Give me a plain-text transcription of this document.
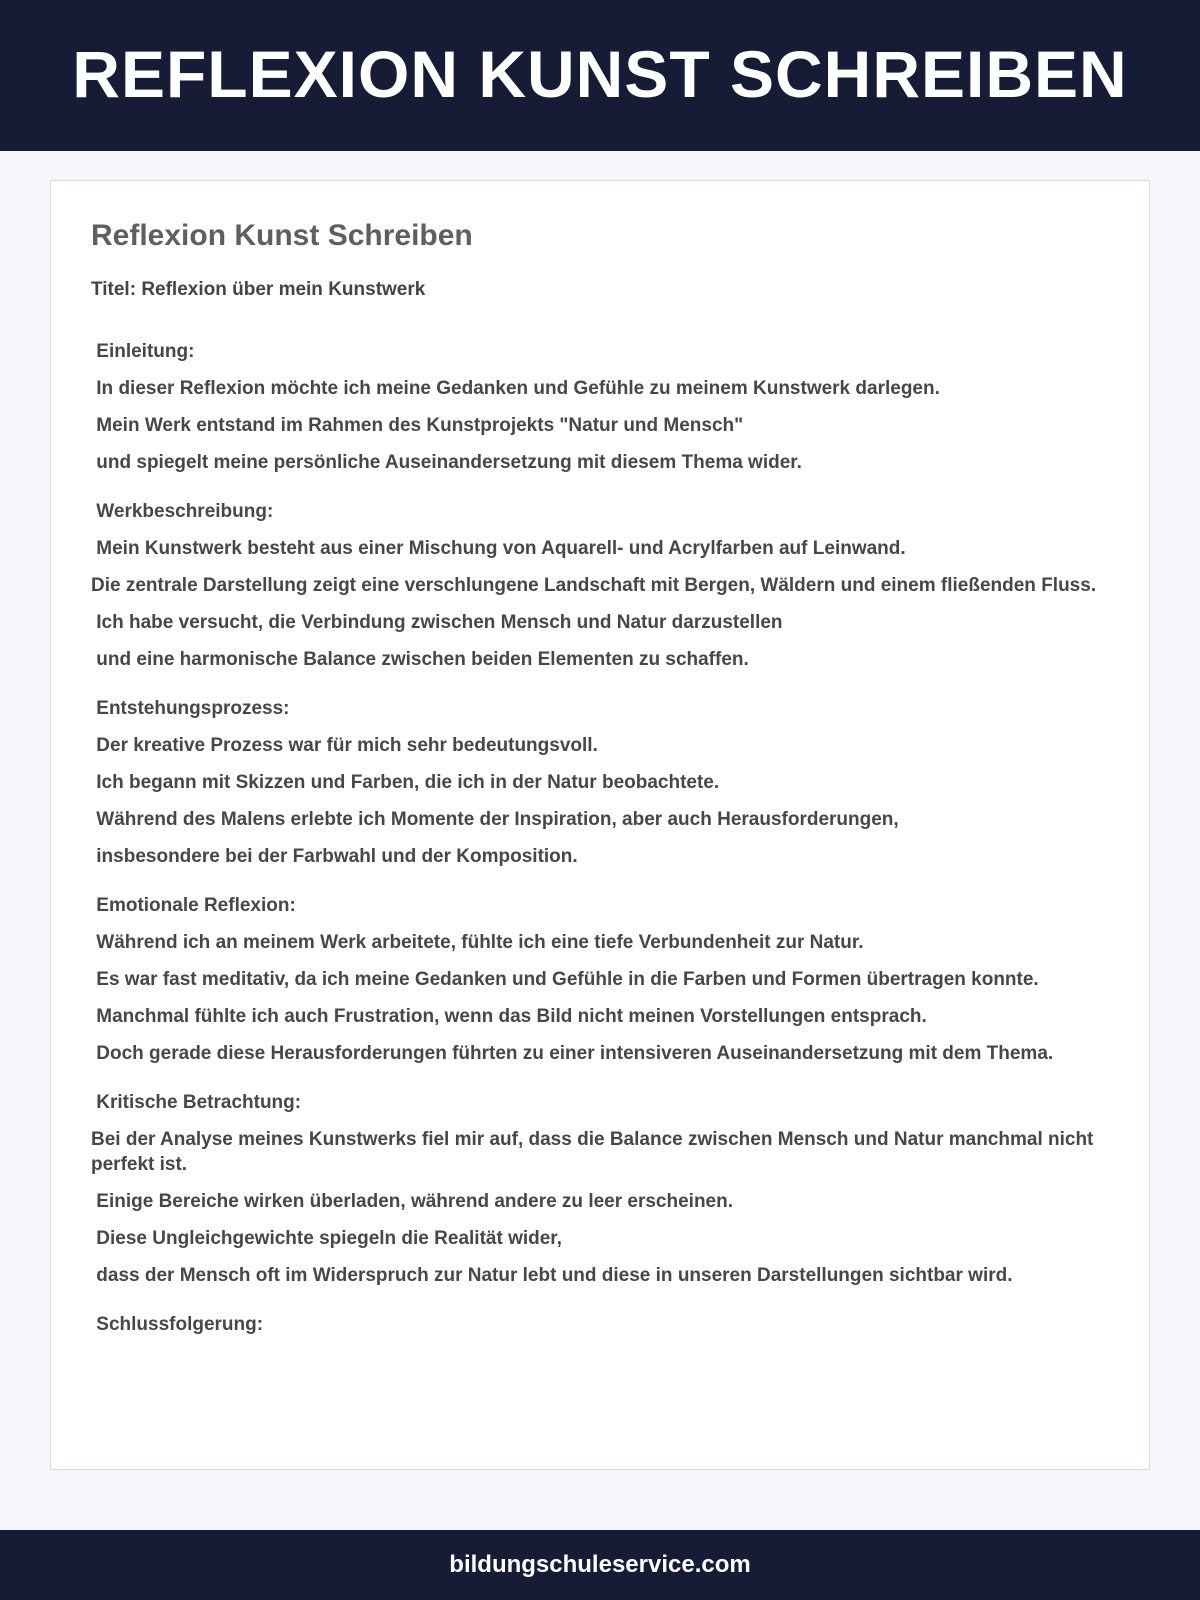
REFLEXION KUNST SCHREIBEN
Reflexion Kunst Schreiben
Titel: Reflexion über mein Kunstwerk
Einleitung:
In dieser Reflexion möchte ich meine Gedanken und Gefühle zu meinem Kunstwerk darlegen.
Mein Werk entstand im Rahmen des Kunstprojekts "Natur und Mensch"
und spiegelt meine persönliche Auseinandersetzung mit diesem Thema wider.
Werkbeschreibung:
Mein Kunstwerk besteht aus einer Mischung von Aquarell- und Acrylfarben auf Leinwand.
Die zentrale Darstellung zeigt eine verschlungene Landschaft mit Bergen, Wäldern und einem fließenden Fluss.
Ich habe versucht, die Verbindung zwischen Mensch und Natur darzustellen
und eine harmonische Balance zwischen beiden Elementen zu schaffen.
Entstehungsprozess:
Der kreative Prozess war für mich sehr bedeutungsvoll.
Ich begann mit Skizzen und Farben, die ich in der Natur beobachtete.
Während des Malens erlebte ich Momente der Inspiration, aber auch Herausforderungen,
insbesondere bei der Farbwahl und der Komposition.
Emotionale Reflexion:
Während ich an meinem Werk arbeitete, fühlte ich eine tiefe Verbundenheit zur Natur.
Es war fast meditativ, da ich meine Gedanken und Gefühle in die Farben und Formen übertragen konnte.
Manchmal fühlte ich auch Frustration, wenn das Bild nicht meinen Vorstellungen entsprach.
Doch gerade diese Herausforderungen führten zu einer intensiveren Auseinandersetzung mit dem Thema.
Kritische Betrachtung:
Bei der Analyse meines Kunstwerks fiel mir auf, dass die Balance zwischen Mensch und Natur manchmal nicht perfekt ist.
Einige Bereiche wirken überladen, während andere zu leer erscheinen.
Diese Ungleichgewichte spiegeln die Realität wider,
dass der Mensch oft im Widerspruch zur Natur lebt und diese in unseren Darstellungen sichtbar wird.
Schlussfolgerung:
bildungschuleservice.com
